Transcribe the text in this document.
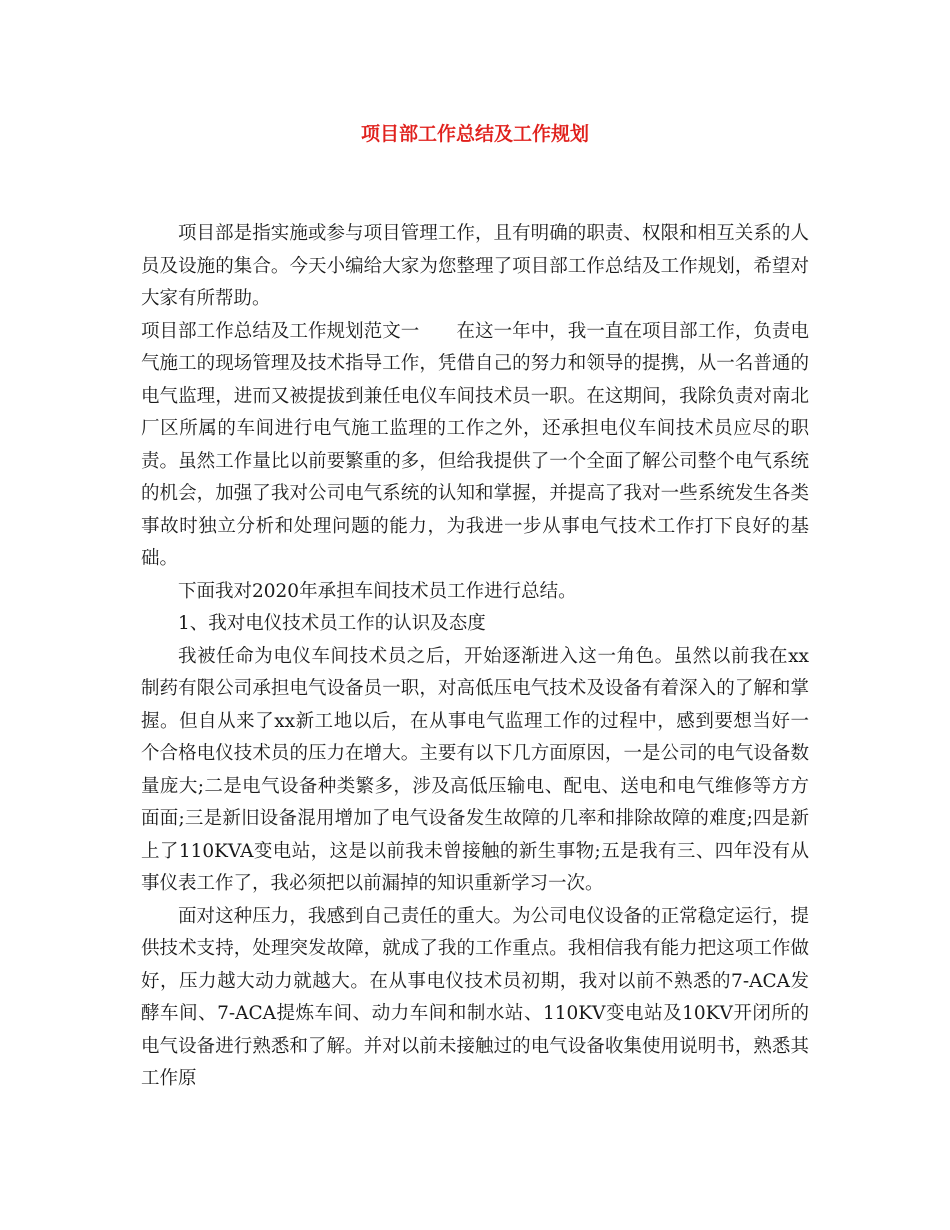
项目部工作总结及工作规划

项目部是指实施或参与项目管理工作，且有明确的职责、权限和相互关系的人员及设施的集合。今天小编给大家为您整理了项目部工作总结及工作规划，希望对大家有所帮助。

项目部工作总结及工作规划范文一　　在这一年中，我一直在项目部工作，负责电气施工的现场管理及技术指导工作，凭借自己的努力和领导的提携，从一名普通的电气监理，进而又被提拔到兼任电仪车间技术员一职。在这期间，我除负责对南北厂区所属的车间进行电气施工监理的工作之外，还承担电仪车间技术员应尽的职责。虽然工作量比以前要繁重的多，但给我提供了一个全面了解公司整个电气系统的机会，加强了我对公司电气系统的认知和掌握，并提高了我对一些系统发生各类事故时独立分析和处理问题的能力，为我进一步从事电气技术工作打下良好的基础。

下面我对2020年承担车间技术员工作进行总结。

1、我对电仪技术员工作的认识及态度

我被任命为电仪车间技术员之后，开始逐渐进入这一角色。虽然以前我在xx制药有限公司承担电气设备员一职，对高低压电气技术及设备有着深入的了解和掌握。但自从来了xx新工地以后，在从事电气监理工作的过程中，感到要想当好一个合格电仪技术员的压力在增大。主要有以下几方面原因，一是公司的电气设备数量庞大;二是电气设备种类繁多，涉及高低压输电、配电、送电和电气维修等方方面面;三是新旧设备混用增加了电气设备发生故障的几率和排除故障的难度;四是新上了110KVA变电站，这是以前我未曾接触的新生事物;五是我有三、四年没有从事仪表工作了，我必须把以前漏掉的知识重新学习一次。

面对这种压力，我感到自己责任的重大。为公司电仪设备的正常稳定运行，提供技术支持，处理突发故障，就成了我的工作重点。我相信我有能力把这项工作做好，压力越大动力就越大。在从事电仪技术员初期，我对以前不熟悉的7-ACA发酵车间、7-ACA提炼车间、动力车间和制水站、110KV变电站及10KV开闭所的电气设备进行熟悉和了解。并对以前未接触过的电气设备收集使用说明书，熟悉其工作原
